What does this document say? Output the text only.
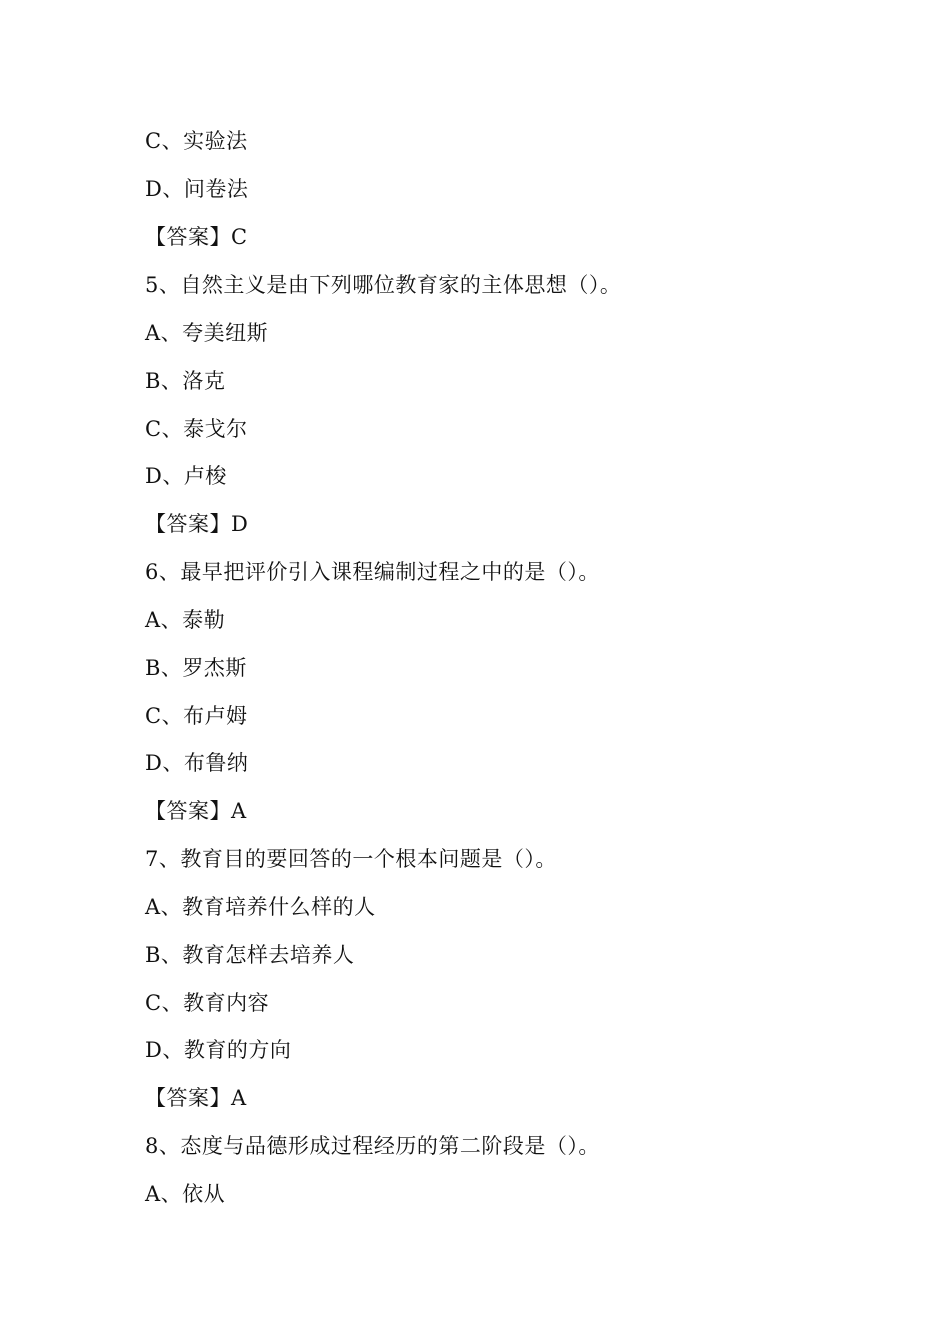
C、实验法
D、问卷法
【答案】C
5、自然主义是由下列哪位教育家的主体思想（）。
A、夸美纽斯
B、洛克
C、泰戈尔
D、卢梭
【答案】D
6、最早把评价引入课程编制过程之中的是（）。
A、泰勒
B、罗杰斯
C、布卢姆
D、布鲁纳
【答案】A
7、教育目的要回答的一个根本问题是（）。
A、教育培养什么样的人
B、教育怎样去培养人
C、教育内容
D、教育的方向
【答案】A
8、态度与品德形成过程经历的第二阶段是（）。
A、依从
